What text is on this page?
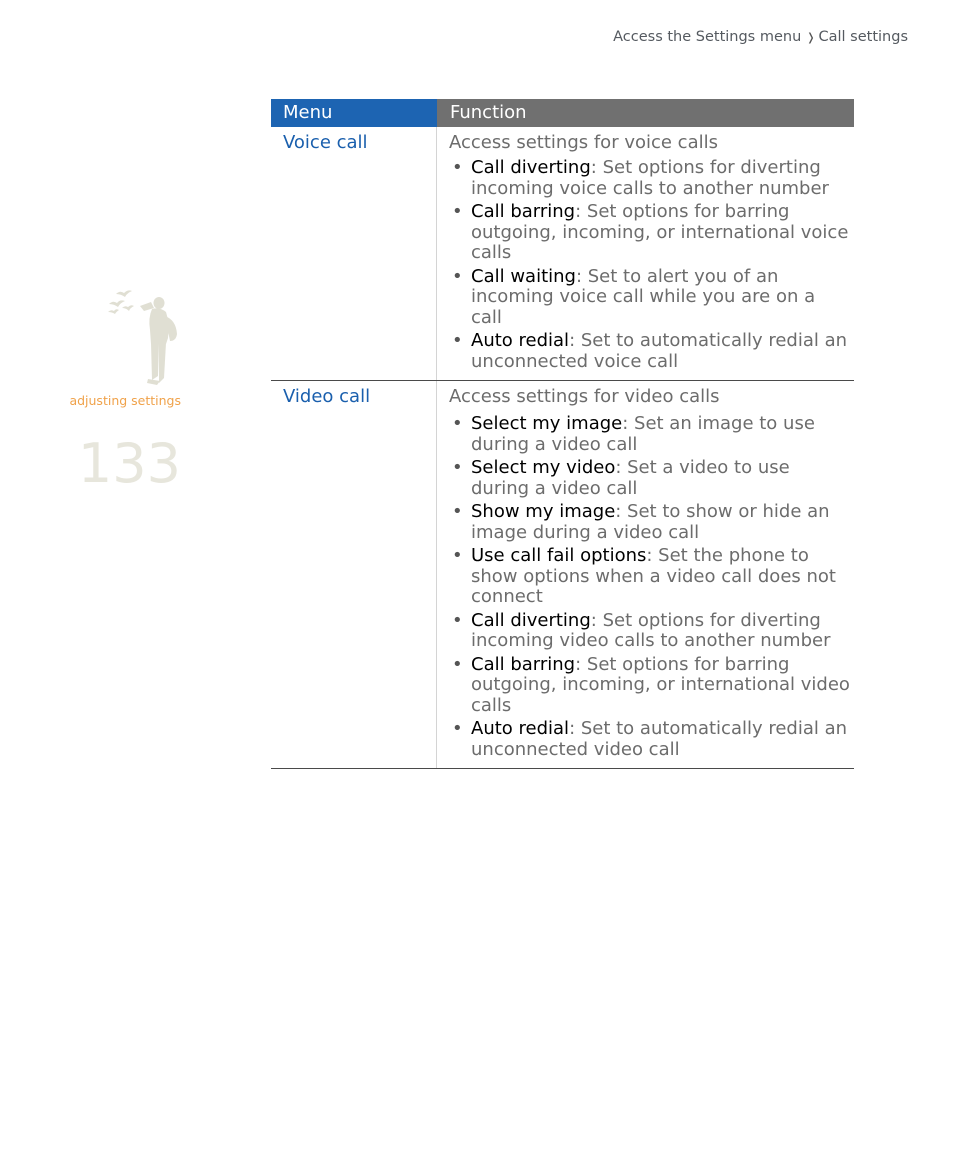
Access the Settings menu ❭ Call settings
adjusting settings
133
Menu	Function
Voice call	Access settings for voice calls
• Call diverting: Set options for diverting incoming voice calls to another number
• Call barring: Set options for barring outgoing, incoming, or international voice calls
• Call waiting: Set to alert you of an incoming voice call while you are on a call
• Auto redial: Set to automatically redial an unconnected voice call
Video call	Access settings for video calls
• Select my image: Set an image to use during a video call
• Select my video: Set a video to use during a video call
• Show my image: Set to show or hide an image during a video call
• Use call fail options: Set the phone to show options when a video call does not connect
• Call diverting: Set options for diverting incoming video calls to another number
• Call barring: Set options for barring outgoing, incoming, or international video calls
• Auto redial: Set to automatically redial an unconnected video call
